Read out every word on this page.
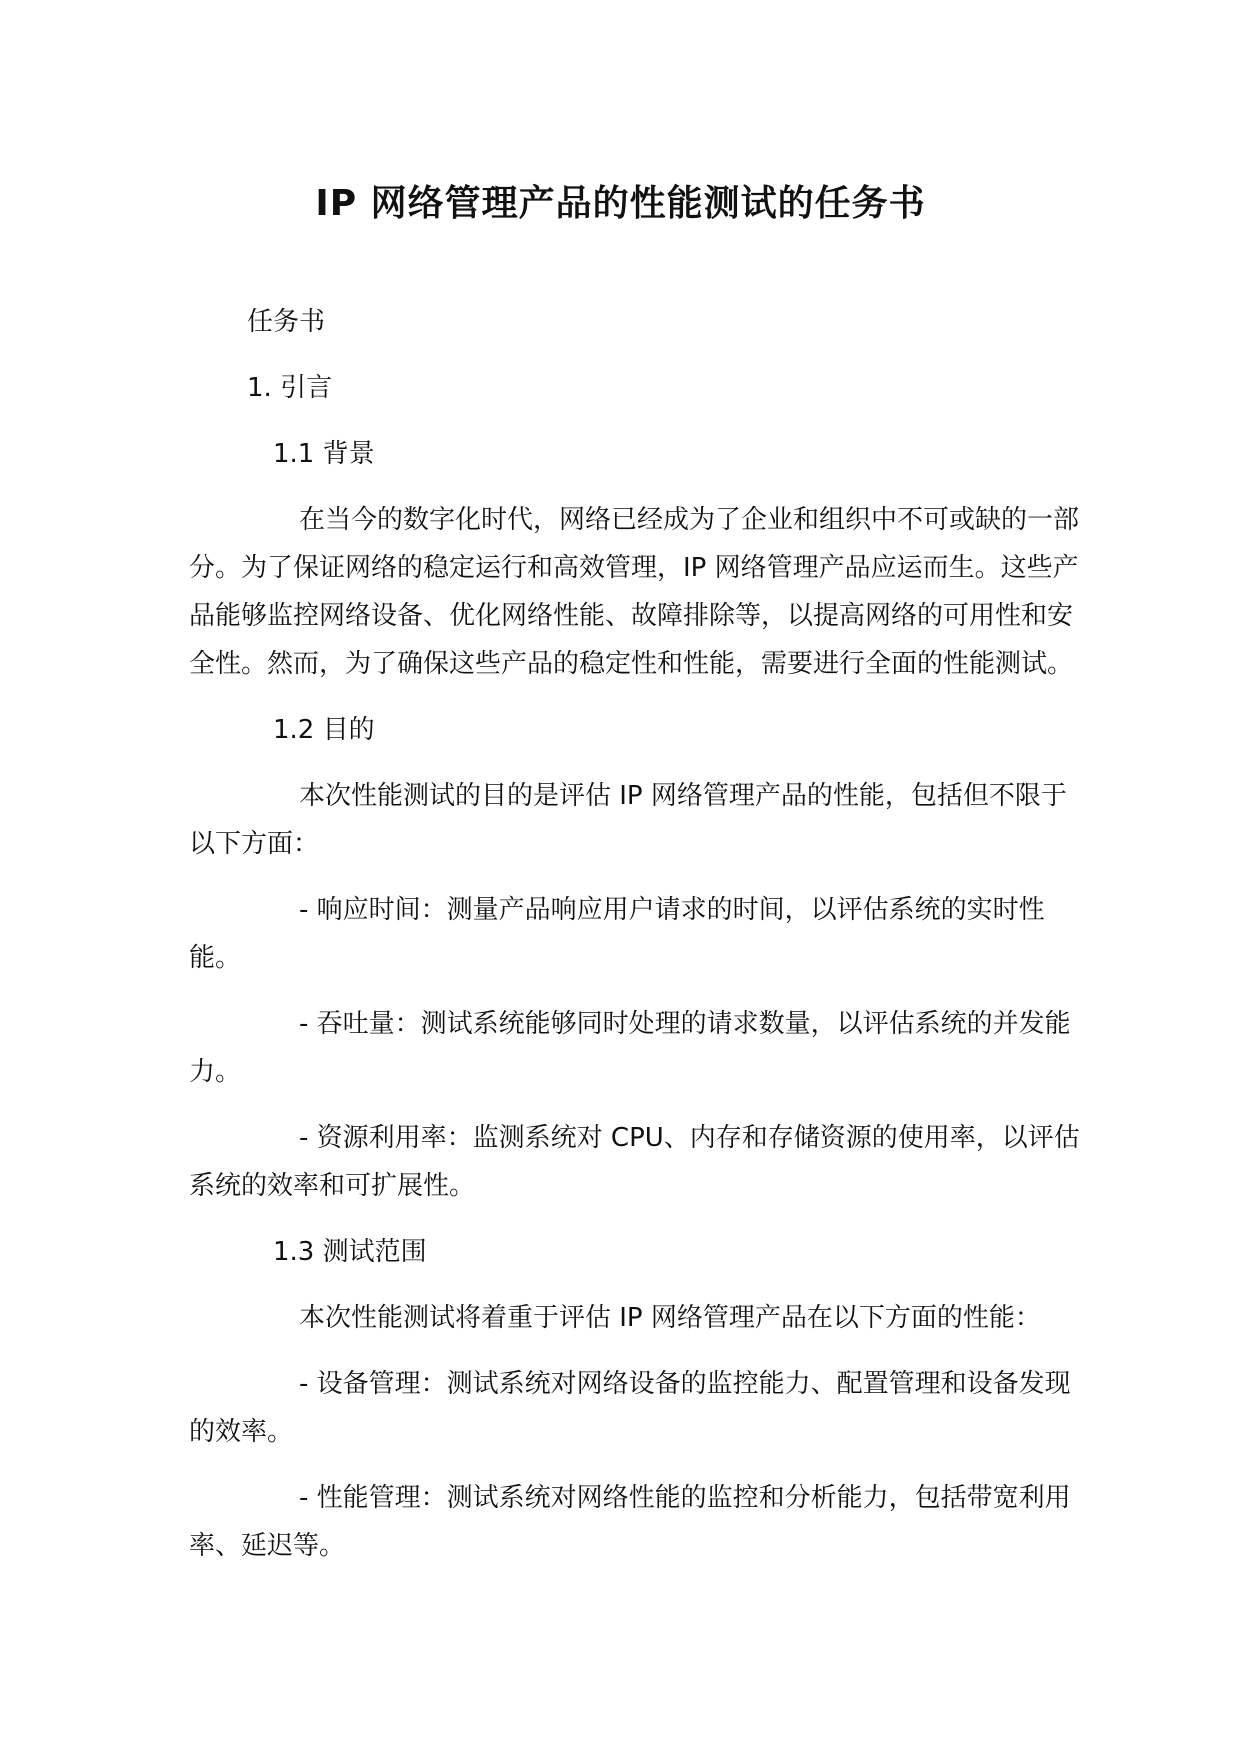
IP 网络管理产品的性能测试的任务书
任务书
1. 引言
1.1 背景

在当今的数字化时代，网络已经成为了企业和组织中不可或缺的一部分。为了保证网络的稳定运行和高效管理，IP 网络管理产品应运而生。这些产品能够监控网络设备、优化网络性能、故障排除等，以提高网络的可用性和安全性。然而，为了确保这些产品的稳定性和性能，需要进行全面的性能测试。

1.2 目的

本次性能测试的目的是评估 IP 网络管理产品的性能，包括但不限于以下方面：

- 响应时间：测量产品响应用户请求的时间，以评估系统的实时性能。

- 吞吐量：测试系统能够同时处理的请求数量，以评估系统的并发能力。

- 资源利用率：监测系统对 CPU、内存和存储资源的使用率，以评估系统的效率和可扩展性。

1.3 测试范围

本次性能测试将着重于评估 IP 网络管理产品在以下方面的性能：

- 设备管理：测试系统对网络设备的监控能力、配置管理和设备发现的效率。

- 性能管理：测试系统对网络性能的监控和分析能力，包括带宽利用率、延迟等。
